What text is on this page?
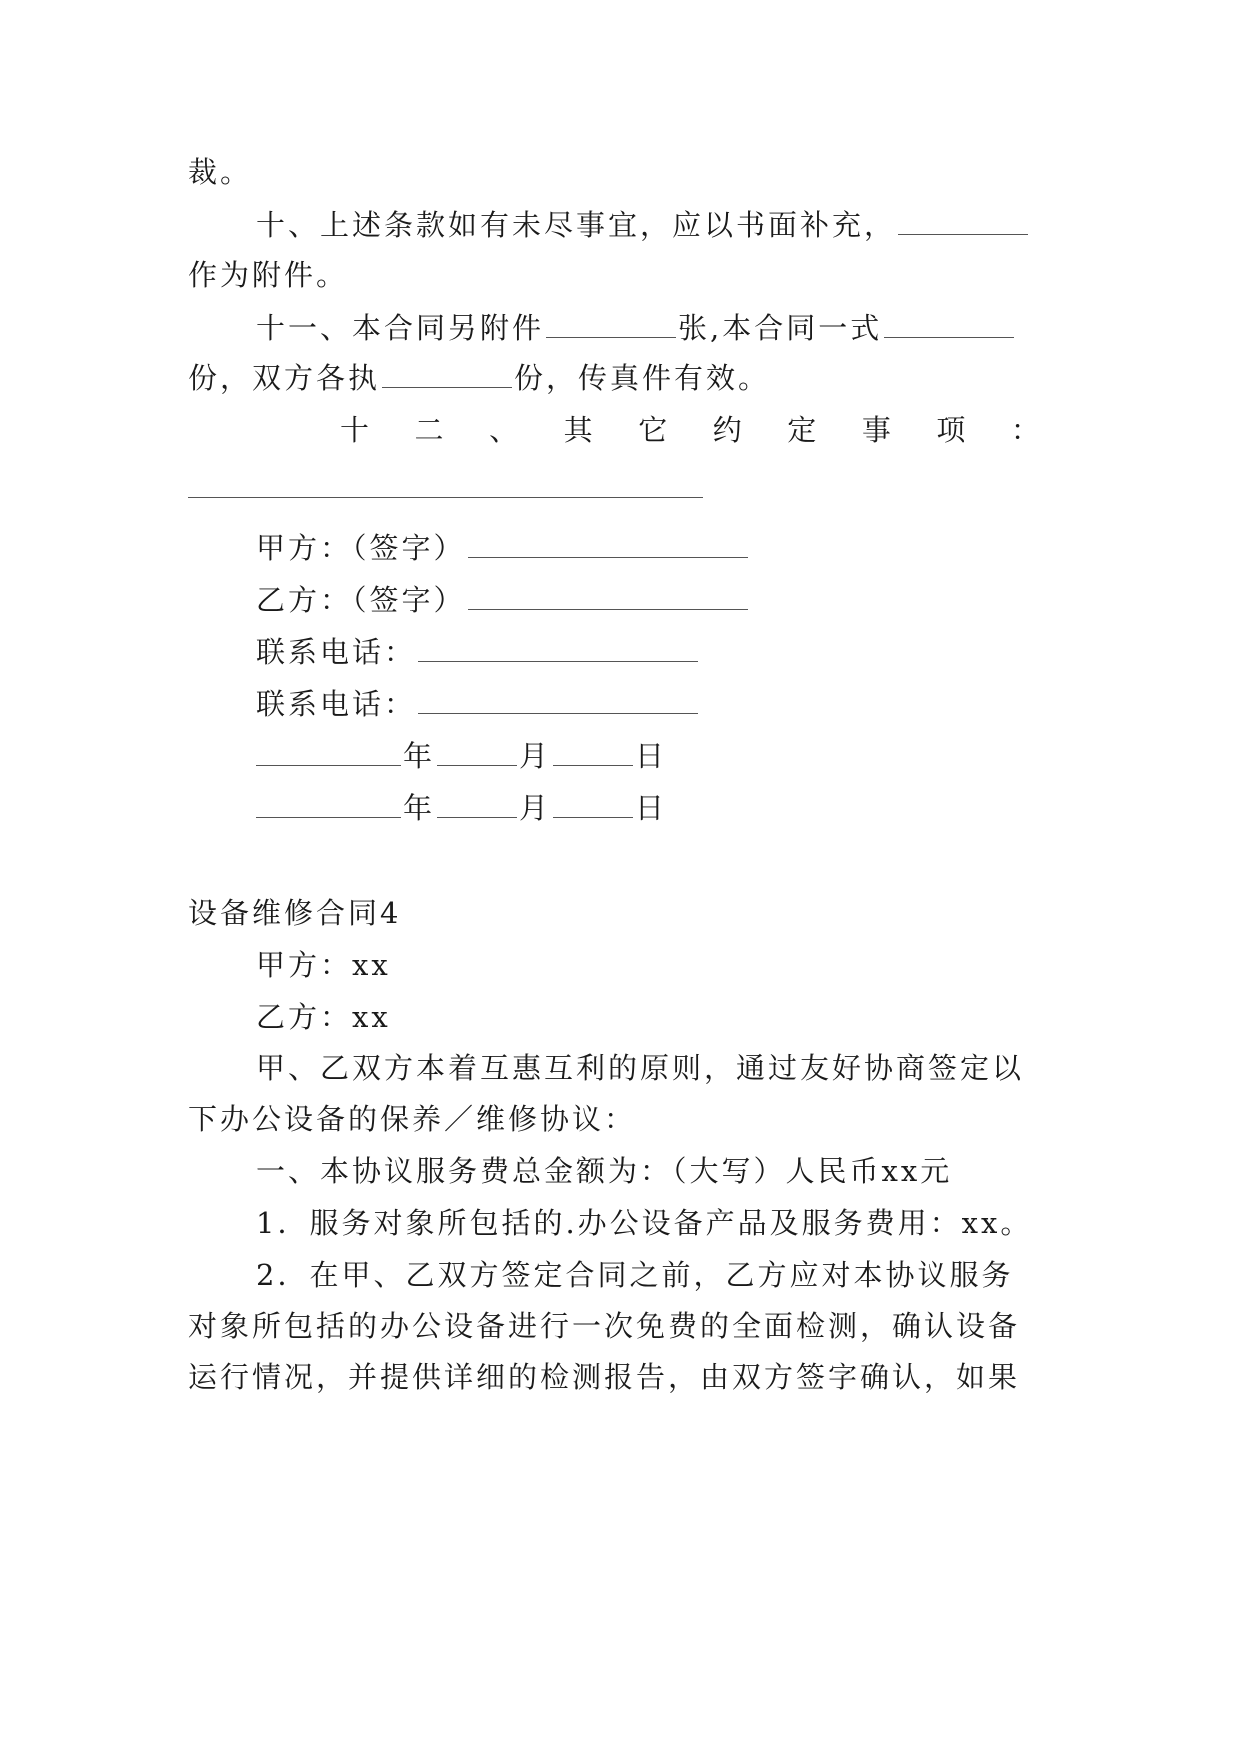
裁。
十、上述条款如有未尽事宜，应以书面补充，
作为附件。
十一、本合同另附件	张,本合同一式
份，双方各执	份，传真件有效。
十 二 、 其 它 约 定 事 项 ：
甲方：（签字）
乙方：（签字）
联系电话：
联系电话：
年	月	日
年	月	日
设备维修合同4
甲方：xx
乙方：xx
甲、乙双方本着互惠互利的原则，通过友好协商签定以
下办公设备的保养／维修协议：
一、本协议服务费总金额为：（大写）人民币xx元
1．服务对象所包括的.办公设备产品及服务费用：xx。
2．在甲、乙双方签定合同之前，乙方应对本协议服务
对象所包括的办公设备进行一次免费的全面检测，确认设备
运行情况，并提供详细的检测报告，由双方签字确认，如果
